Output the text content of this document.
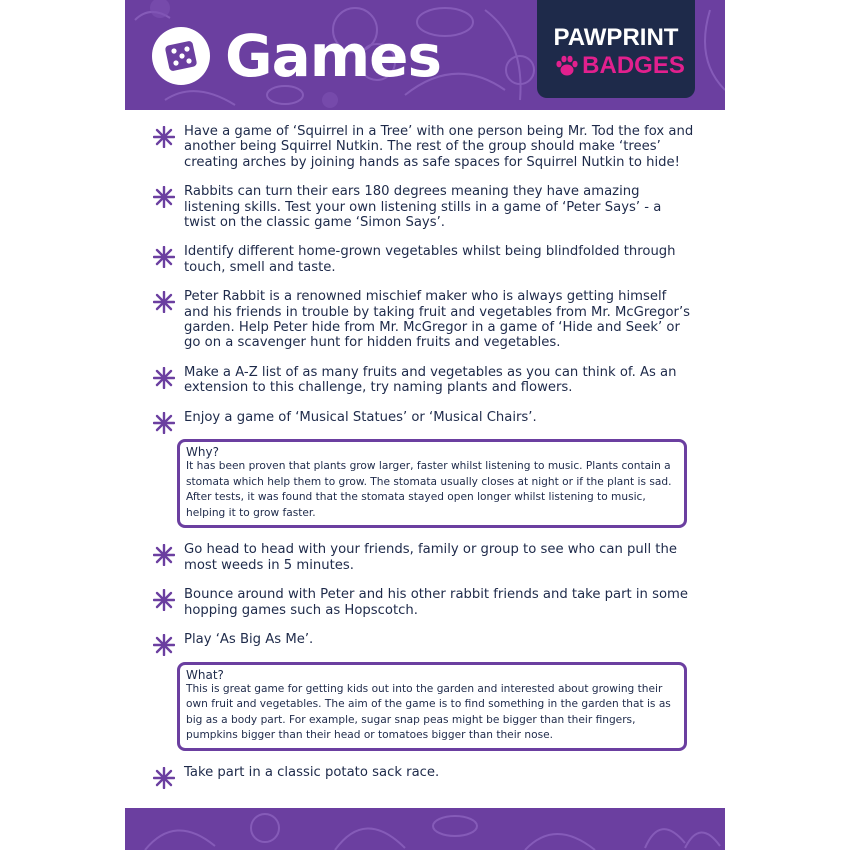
Games	PAWPRINT
BADGES
Have a game of ‘Squirrel in a Tree’ with one person being Mr. Tod the fox and another being Squirrel Nutkin. The rest of the group should make ‘trees’ creating arches by joining hands as safe spaces for Squirrel Nutkin to hide!
Rabbits can turn their ears 180 degrees meaning they have amazing listening skills. Test your own listening stills in a game of ‘Peter Says’ - a twist on the classic game ‘Simon Says’.
Identify different home-grown vegetables whilst being blindfolded through touch, smell and taste.
Peter Rabbit is a renowned mischief maker who is always getting himself and his friends in trouble by taking fruit and vegetables from Mr. McGregor’s garden. Help Peter hide from Mr. McGregor in a game of ‘Hide and Seek’ or go on a scavenger hunt for hidden fruits and vegetables.
Make a A-Z list of as many fruits and vegetables as you can think of. As an extension to this challenge, try naming plants and flowers.
Enjoy a game of ‘Musical Statues’ or ‘Musical Chairs’.
Why?
It has been proven that plants grow larger, faster whilst listening to music. Plants contain a stomata which help them to grow. The stomata usually closes at night or if the plant is sad. After tests, it was found that the stomata stayed open longer whilst listening to music, helping it to grow faster.
Go head to head with your friends, family or group to see who can pull the most weeds in 5 minutes.
Bounce around with Peter and his other rabbit friends and take part in some hopping games such as Hopscotch.
Play ‘As Big As Me’.
What?
This is great game for getting kids out into the garden and interested about growing their own fruit and vegetables. The aim of the game is to find something in the garden that is as big as a body part. For example, sugar snap peas might be bigger than their fingers, pumpkins bigger than their head or tomatoes bigger than their nose.
Take part in a classic potato sack race.
